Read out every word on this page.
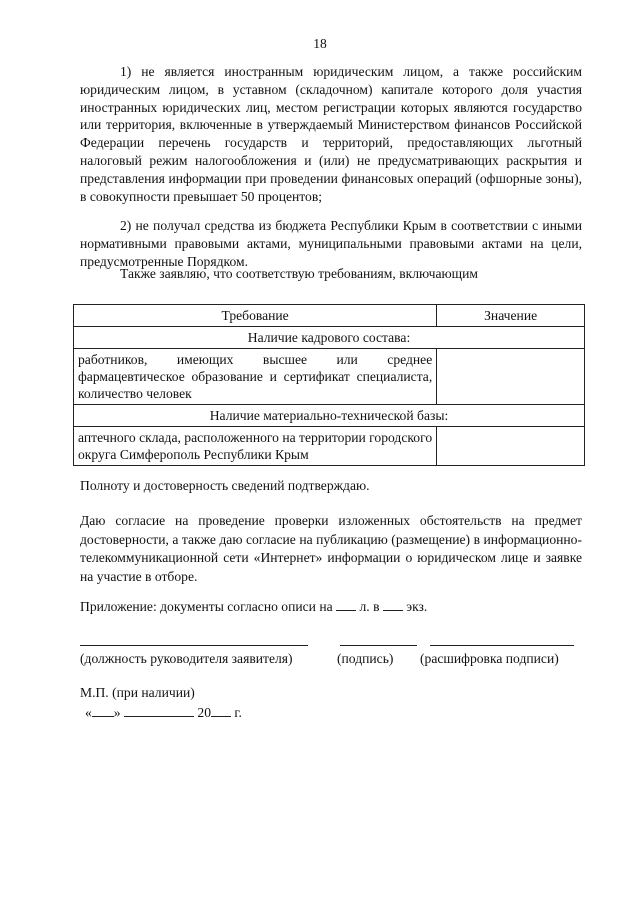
18

1) не является иностранным юридическим лицом, а также российским юридическим лицом, в уставном (складочном) капитале которого доля участия иностранных юридических лиц, местом регистрации которых являются государство или территория, включенные в утверждаемый Министерством финансов Российской Федерации перечень государств и территорий, предоставляющих льготный налоговый режим налогообложения и (или) не предусматривающих раскрытия и представления информации при проведении финансовых операций (офшорные зоны), в совокупности превышает 50 процентов;

2) не получал средства из бюджета Республики Крым в соответствии с иными нормативными правовыми актами, муниципальными правовыми актами на цели, предусмотренные Порядком.

Также заявляю, что соответствую требованиям, включающим

Требование	Значение
Наличие кадрового состава:	
работников, имеющих высшее или среднее фармацевтическое образование и сертификат специалиста, количество человек	
Наличие материально-технической базы:	
аптечного склада, расположенного на территории городского округа Симферополь Республики Крым	

Полноту и достоверность сведений подтверждаю.

Даю согласие на проведение проверки изложенных обстоятельств на предмет достоверности, а также даю согласие на публикацию (размещение) в информационно-телекоммуникационной сети «Интернет» информации о юридическом лице и заявке на участие в отборе.

Приложение: документы согласно описи на л. в экз.

(должность руководителя заявителя)	(подпись) (расшифровка подписи)

М.П. (при наличии)

« »	20 г.
